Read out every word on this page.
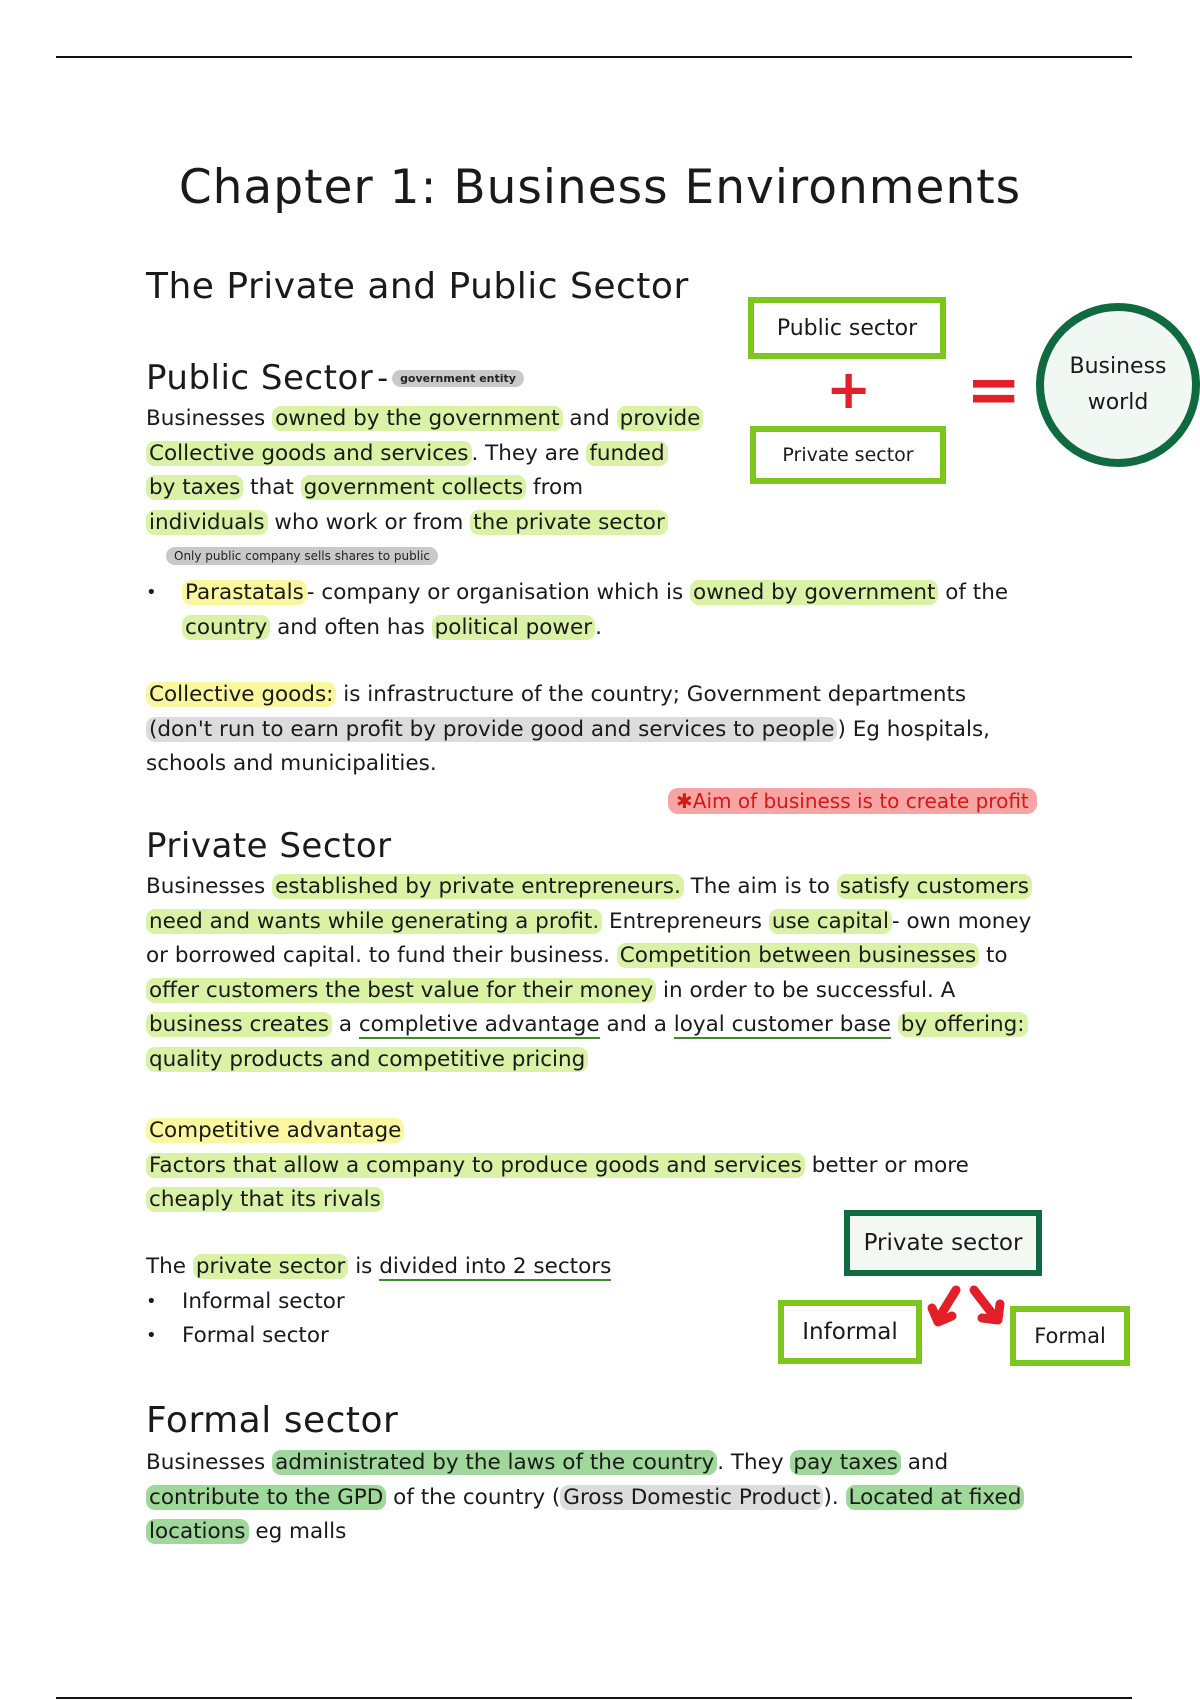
Chapter 1: Business Environments
The Private and Public Sector
Public Sector -	government entity
Businesses owned by the government and provide
Collective goods and services . They are funded
by taxes that government collects from
individuals who work or from the private sector
Only public company sells shares to public
• Parastatals - company or organisation which is owned by government of the
country and often has political power .
Collective goods: is infrastructure of the country; Government departments
(don't run to earn profit by provide good and services to people ) Eg hospitals,
schools and municipalities.
✱Aim of business is to create profit
Private Sector
Businesses established by private entrepreneurs. The aim is to satisfy customers
need and wants while generating a profit. Entrepreneurs use capital - own money
or borrowed capital. to fund their business. Competition between businesses to
offer customers the best value for their money in order to be successful. A
business creates a completive advantage and a loyal customer base by offering:
quality products and competitive pricing
Competitive advantage
Factors that allow a company to produce goods and services better or more
cheaply that its rivals
The private sector is divided into 2 sectors
• Informal sector
• Formal sector
Formal sector
Businesses administrated by the laws of the country . They pay taxes and
contribute to the GPD of the country ( Gross Domestic Product ). Located at fixed
locations eg malls
Public sector
+
Private sector
= Business
world
Private sector
Informal	Formal
